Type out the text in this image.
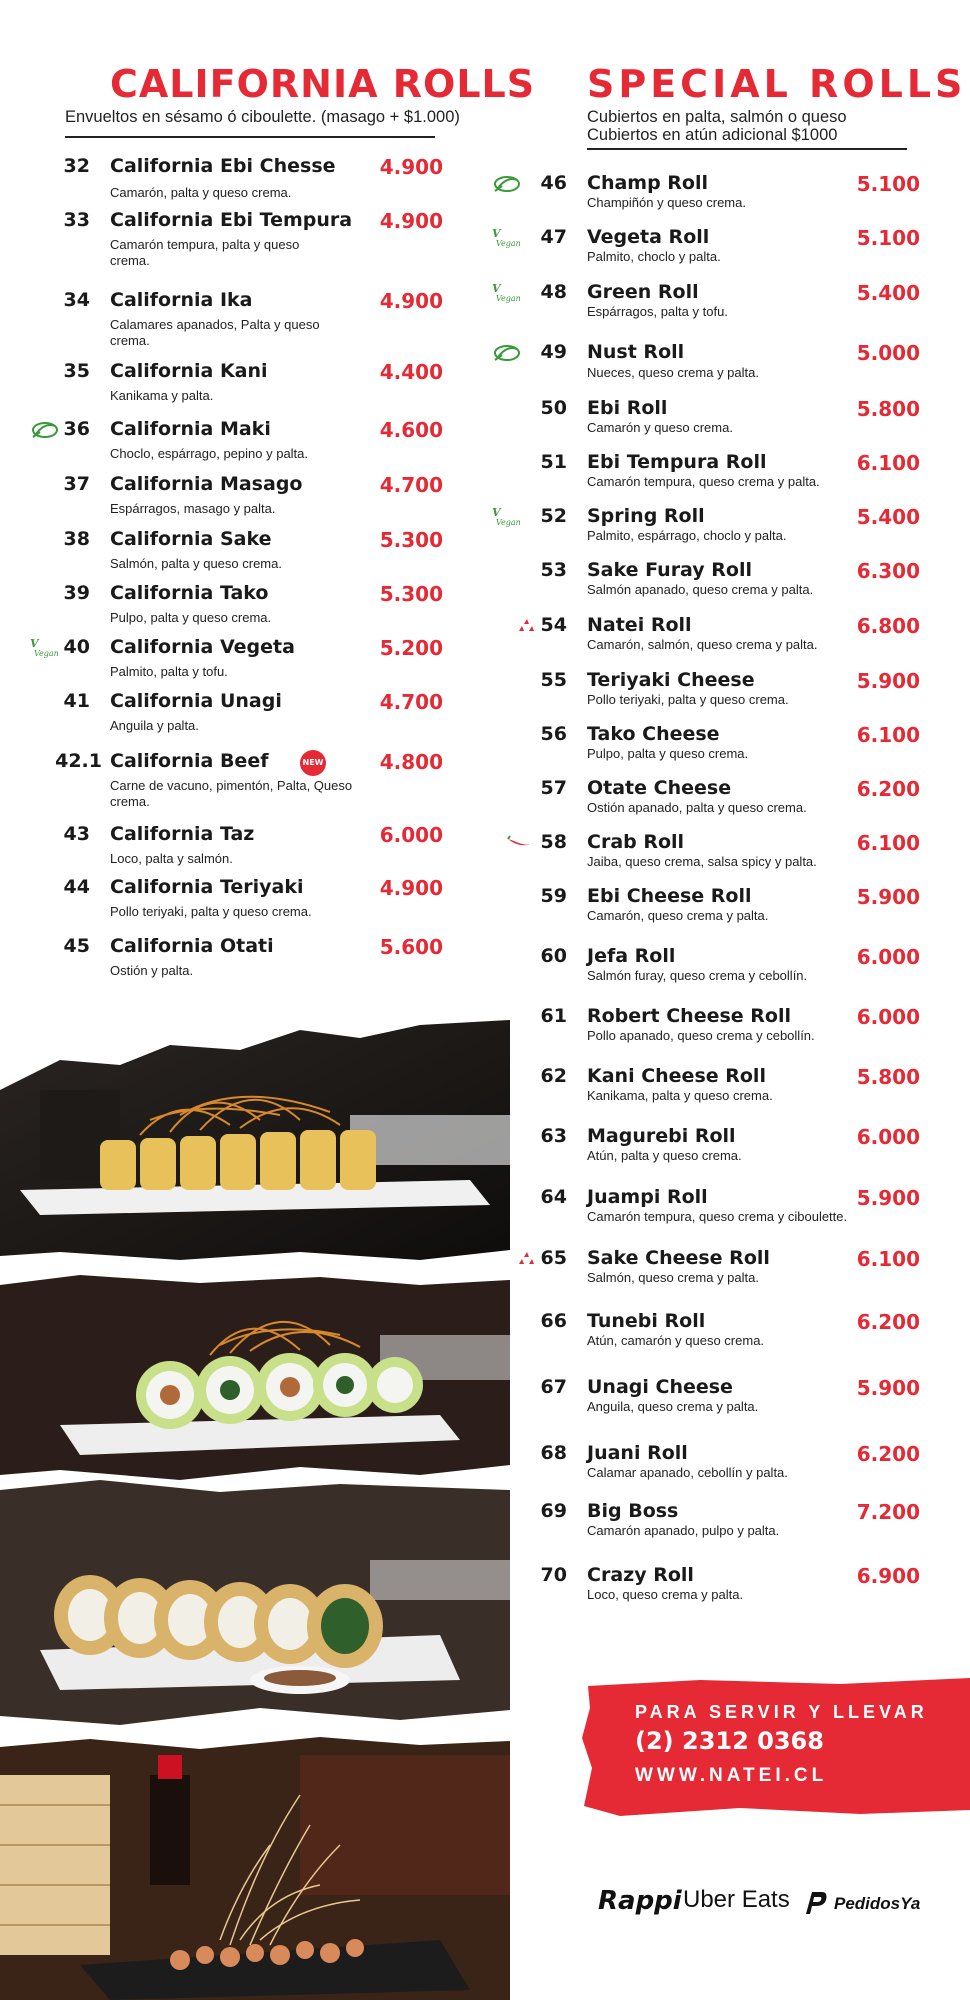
CALIFORNIA ROLLS
Envueltos en sésamo ó ciboulette. (masago + $1.000)
32 California Ebi Chesse	4.900
Camarón, palta y queso crema.
33 California Ebi Tempura	4.900
Camarón tempura, palta y queso crema.
34 California Ika	4.900
Calamares apanados, Palta y queso crema.
35 California Kani	4.400
Kanikama y palta.
36 California Maki	4.600
Choclo, espárrago, pepino y palta.
37 California Masago	4.700
Espárragos, masago y palta.
38 California Sake	5.300
Salmón, palta y queso crema.
39 California Tako	5.300
Pulpo, palta y queso crema.
V
Vegan 40 California Vegeta	5.200
Palmito, palta y tofu.
41 California Unagi	4.700
Anguila y palta.
42.1 California Beef	NEW	4.800
Carne de vacuno, pimentón, Palta, Queso crema.
43 California Taz	6.000
Loco, palta y salmón.
44 California Teriyaki	4.900
Pollo teriyaki, palta y queso crema.
45 California Otati	5.600
Ostión y palta.
SPECIAL ROLLS
Cubiertos en palta, salmón o queso
Cubiertos en atún adicional $1000
46 Champ Roll	5.100
Champiñón y queso crema.
V
Vegan	47 Vegeta Roll	5.100
Palmito, choclo y palta.
V
Vegan	48 Green Roll	5.400
Espárragos, palta y tofu.
49 Nust Roll	5.000
Nueces, queso crema y palta.
50 Ebi Roll	5.800
Camarón y queso crema.
51 Ebi Tempura Roll	6.100
Camarón tempura, queso crema y palta.
V
Vegan	52 Spring Roll	5.400
Palmito, espárrago, choclo y palta.
53 Sake Furay Roll	6.300
Salmón apanado, queso crema y palta.
54 Natei Roll	6.800
Camarón, salmón, queso crema y palta.
55 Teriyaki Cheese	5.900
Pollo teriyaki, palta y queso crema.
56 Tako Cheese	6.100
Pulpo, palta y queso crema.
57 Otate Cheese	6.200
Ostión apanado, palta y queso crema.
58 Crab Roll	6.100
Jaiba, queso crema, salsa spicy y palta.
59 Ebi Cheese Roll	5.900
Camarón, queso crema y palta.
60 Jefa Roll	6.000
Salmón furay, queso crema y cebollín.
61 Robert Cheese Roll	6.000
Pollo apanado, queso crema y cebollín.
62 Kani Cheese Roll	5.800
Kanikama, palta y queso crema.
63 Magurebi Roll	6.000
Atún, palta y queso crema.
64 Juampi Roll	5.900
Camarón tempura, queso crema y ciboulette.
65 Sake Cheese Roll	6.100
Salmón, queso crema y palta.
66 Tunebi Roll	6.200
Atún, camarón y queso crema.
67 Unagi Cheese	5.900
Anguila, queso crema y palta.
68 Juani Roll	6.200
Calamar apanado, cebollín y palta.
69 Big Boss	7.200
Camarón apanado, pulpo y palta.
70 Crazy Roll	6.900
Loco, queso crema y palta.
PARA SERVIR Y LLEVAR
(2) 2312 0368
WWW.NATEI.CL
Rappi Uber Eats	PedidosYa
